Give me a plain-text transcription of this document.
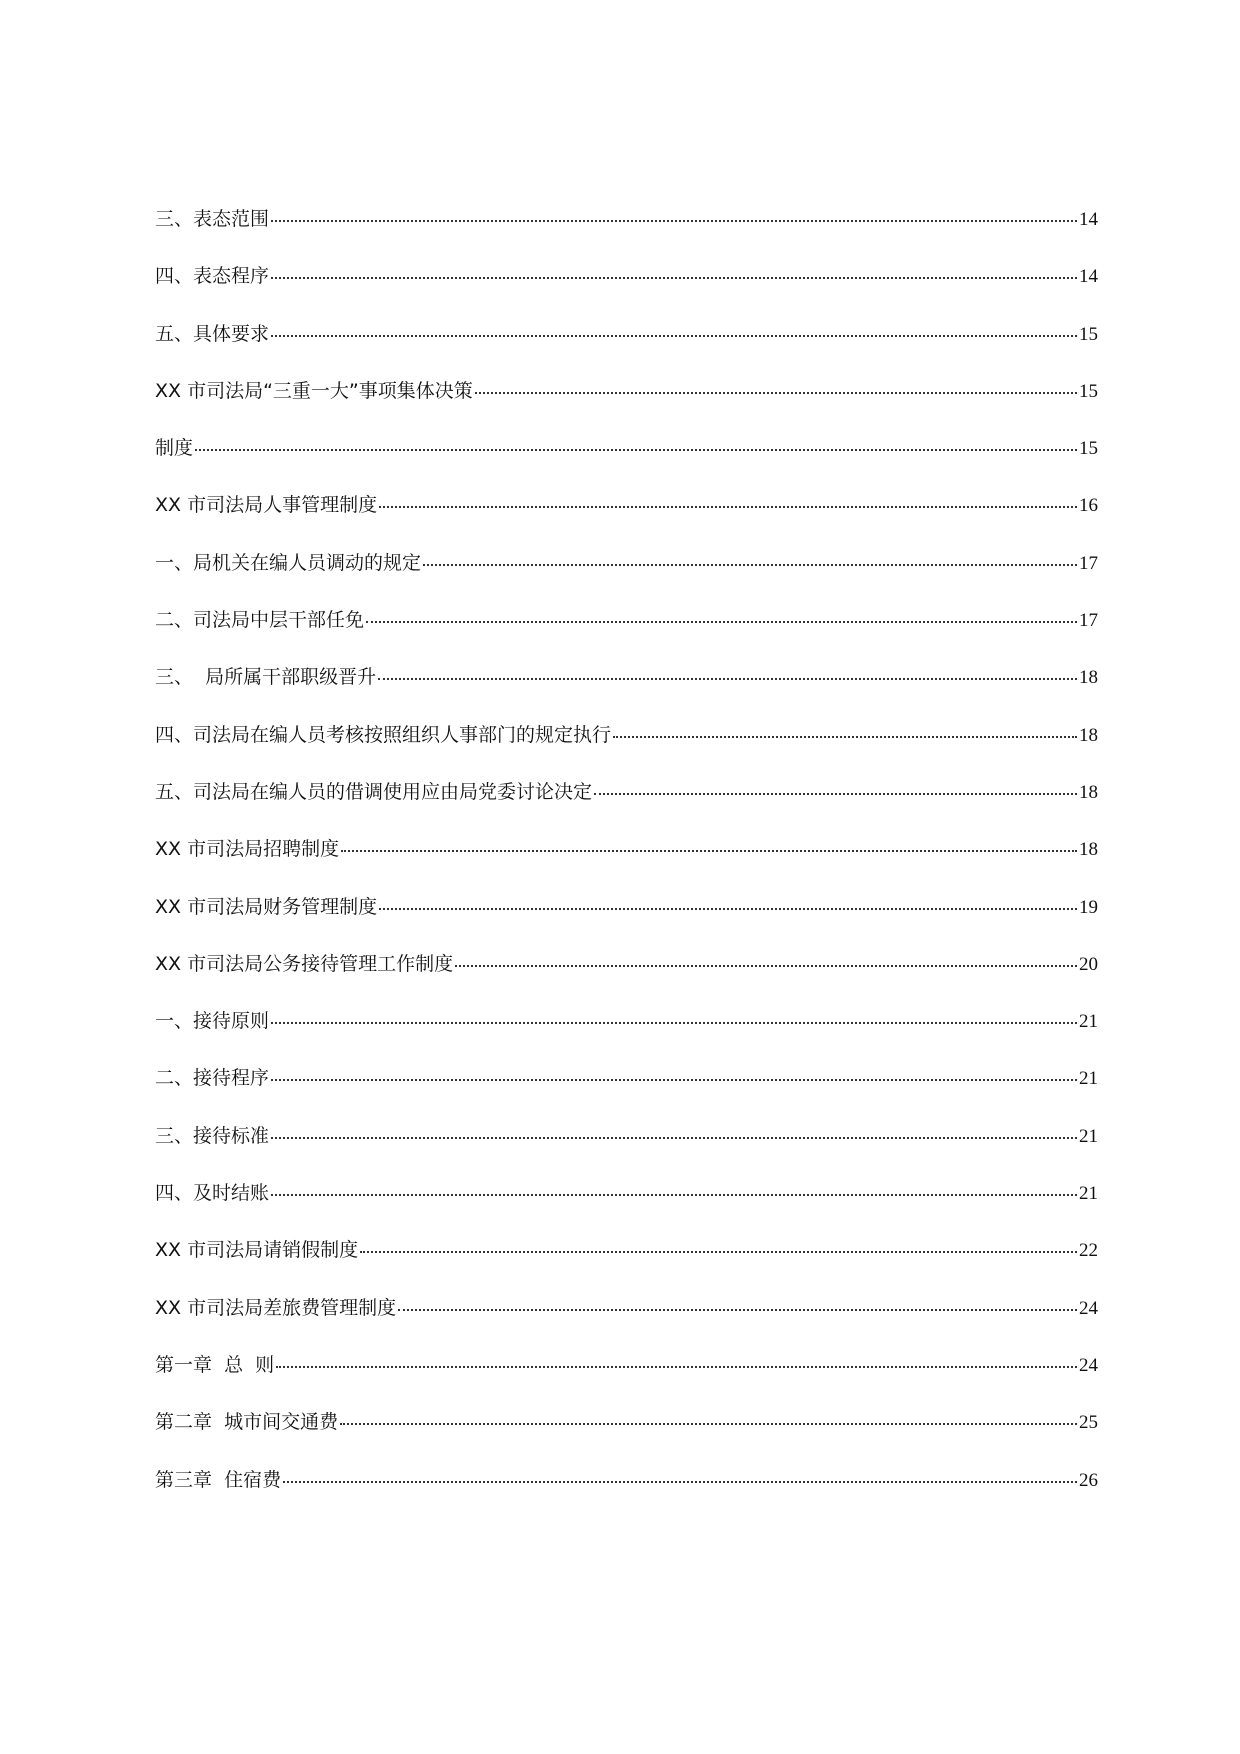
三、表态范围	14
四、表态程序	14
五、具体要求	15
XX 市司法局“三重一大”事项集体决策	15
制度	15
XX 市司法局人事管理制度	16
一、局机关在编人员调动的规定	17
二、司法局中层干部任免	17
三、  局所属干部职级晋升	18
四、司法局在编人员考核按照组织人事部门的规定执行	18
五、司法局在编人员的借调使用应由局党委讨论决定	18
XX 市司法局招聘制度	18
XX 市司法局财务管理制度	19
XX 市司法局公务接待管理工作制度	20
一、接待原则	21
二、接待程序	21
三、接待标准	21
四、及时结账	21
XX 市司法局请销假制度	22
XX 市司法局差旅费管理制度	24
第一章  总  则	24
第二章  城市间交通费	25
第三章  住宿费	26
